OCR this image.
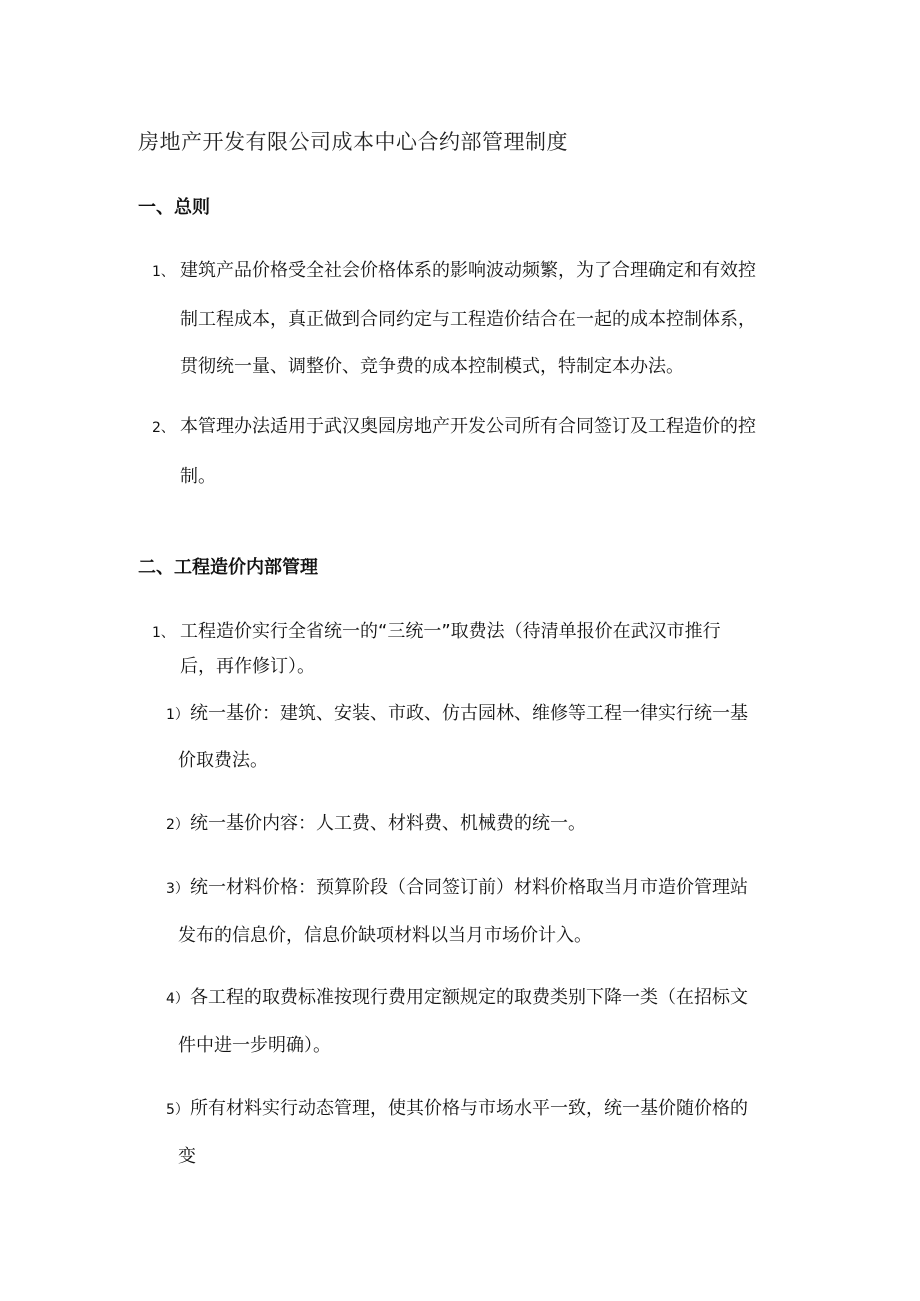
房地产开发有限公司成本中心合约部管理制度
一、总则
1、 建筑产品价格受全社会价格体系的影响波动频繁，为了合理确定和有效控
制工程成本，真正做到合同约定与工程造价结合在一起的成本控制体系，
贯彻统一量、调整价、竞争费的成本控制模式，特制定本办法。
2、 本管理办法适用于武汉奥园房地产开发公司所有合同签订及工程造价的控
制。
二、工程造价内部管理
1、 工程造价实行全省统一的“三统一”取费法（待清单报价在武汉市推行
后，再作修订）。
1） 统一基价：建筑、安装、市政、仿古园林、维修等工程一律实行统一基
价取费法。
2） 统一基价内容：人工费、材料费、机械费的统一。
3） 统一材料价格：预算阶段（合同签订前）材料价格取当月市造价管理站
发布的信息价，信息价缺项材料以当月市场价计入。
4） 各工程的取费标准按现行费用定额规定的取费类别下降一类（在招标文
件中进一步明确）。
5） 所有材料实行动态管理，使其价格与市场水平一致，统一基价随价格的
变
